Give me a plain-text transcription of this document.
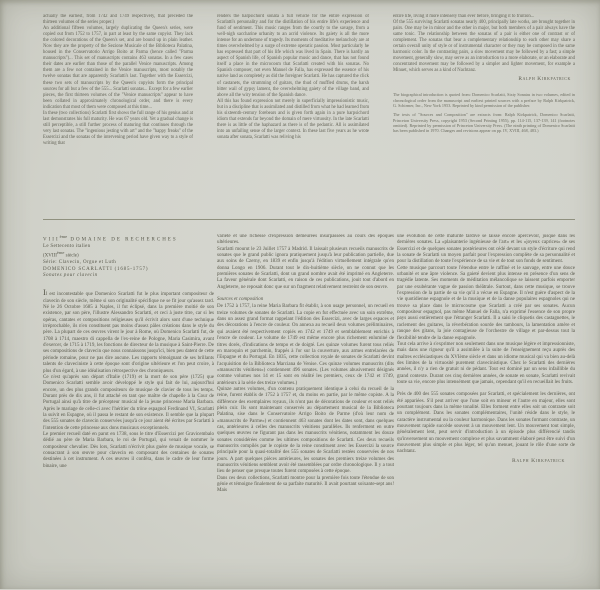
actually the earliest, from 1742 and 1749 respectively, that preceded the thirteen volumes of the series proper.)

An additional fifteen volumes, largely duplicating the Queen's series, were copied out from 1752 to 1757, in part at least by the same copyist. They lack the colored decorations of the Queen's set, and are bound up in plain leather. Now they are the property of the Sezione Musicale of the Biblioteca Palatina, housed in the Conservatorio Arrigo Boito at Parma (hence called "Parma manuscripts")... This set of manuscripts contains 463 sonatas. In a few cases their dates are earlier than those of the parallel Venice manuscripts. Among them are a few not contained in the Venice manuscripts, most notably the twelve sonatas that are apparently Scarlatti's last. Together with the Essercizi, these two sets of manuscripts by the Queen's copyists form the principal sources for all but a few of the 555... Scarlatti sonatas... Except for a few earlier pieces, the first thirteen volumes of the "Venice manuscripts" appear to have been collated in approximately chronological order, and there is every indication that most of them were composed at this time...

In these (two collections) Scarlatti first shows the full range of his genius and at last demonstrates his full maturity. He was 67 years old. Yet a gradual change is still perceptible, a still further process of maturing that continues through the very last sonatas. The "ingenious jesting with art" and the "happy freaks" of the Essercizi and the sonatas of the intervening period have given way to a style of writing that

renders the harpsichord sonata a full vehicle for the entire expression of Scarlatti's personality and for the distillation of his entire life's experience and fund of sentiment. This music ranges from the courtly to the savage, from a well-nigh saccharine urbanity to an acrid violence. Its gaiety is all the more intense for an undertone of tragedy. Its moments of meditative melancholy are at times overwhelmed by a surge of extreme operatic passion. Most particularly he has expressed that part of his life which was lived in Spain. There is hardly an aspect of Spanish life, of Spanish popular music and dance, that has not found itself a place in the microcosm that Scarlatti created with his sonatas. No Spanish composer, not even Manuel de Falla, has expressed the essence of his native land as completely as did the foreigner Scarlatti. He has captured the click of castanets, the strumming of guitars, the thud of muffled drums, the harsh bitter wail of gypsy lament, the overwhelming gaiety of the village band, and above all the wiry tension of the Spanish dance.

All this has found expression not merely in superficially impressionistic music, but in a discipline that is assimilated and distilled from what he had learned from his sixteenth-century forebears and is given forth again in a pure harpsichord idiom that extends far beyond the domain of mere virtuosity. In the late Scarlatti there is as little of the haphazard as there is of the pedantic. All is assimilated into an unfailing sense of the larger context. In these last five years as he wrote sonata after sonata, Scarlatti was reliving his

entire life, living it more intensely than ever before, bringing it to fruition...

Of the 555 surviving Scarlatti sonatas nearly 400, principally late works, are brought together in pairs. One may be in minor and the other in major, but both members of a pair always have the same tonic. The relationship between the sonatas of a pair is either one of contrast or of complement. The sonatas that bear a complementary relationship to each other may share a certain overall unity of style or of instrumental character or they may be composed in the same harmonic color. In the contrasting pairs, a slow movement may be followed by a fast; a simple movement, generally slow, may serve as an introduction to a more elaborate, or an elaborate and concentrated movement may be followed by a simpler and lighter movement, for example a Minuet, which serves as a kind of Nachtanz.

Ralph Kirkpatrick

The biographical introduction is quoted from: Domenico Scarlatti, Sixty Sonatas in two volumes, edited in chronological order from the manuscript and earliest printed sources with a preface by Ralph Kirkpatrick, G. Schirmer, Inc., New York 1953. Reprinted by kind permission of the publisher.

The texts of "Sources and Composition" are extracts from: Ralph Kirkpatrick, Domenico Scarlatti, Princeton University Press, copyright 1953 (Second Printing 1955), pp. 114-115, 137-139, 141 (footnotes omitted). Reprinted by permission of Princeton University Press. (The ninth printing of Domenico Scarlatti has been published in 1970. Changes and revisions appear on pp. IV, XVIII, 468, 483.)

VIIIème DOMAINE DE RECHERCHES

Le Settecento italien

(XVIIIème siècle)

Série: Clavecin, Orgue et Luth

DOMENICO SCARLATTI (1685-1757)

Sonates pour clavecin

Il est incontestable que Domenico Scarlatti fut le plus important compositeur de clavecin de son siècle, même si son originalité spécifique ne se fit jour qu'assez tard. Né le 26 Octobre 1685 à Naples, il fut éclipsé, dans la première moitié de son existence, par son père, l'illustre Alessandro Scarlatti, et ceci à juste titre, car si les opéras, cantates et compositions religieuses qu'il écrivit alors sont d'une technique irréprochable, ils n'en constituent pas moins d'assez pâles créations dans le style du père. La plupart de ces œuvres virent le jour à Rome, où Domenico Scarlatti fut, de 1708 à 1714, maestro di cappella de l'ex-reine de Pologne, Maria Casimira, avant d'exercer, de 1715 à 1719, les fonctions de directeur de la musique à Saint-Pierre. De ses compositions de clavecin que nous connaissons jusqu'ici, bien peu datent de cette période romaine, pour ne pas dire aucune. Les rapports témoignant de ses brillants talents de claveciniste à cette époque sont d'origine ultérieure et l'on peut croire, à plus d'un égard, à une idéalisation rétrospective des chroniqueurs.

Ce n'est qu'après son départ d'Italie (1719) et la mort de son père (1725) que Domenico Scarlatti semble avoir développé le style qui fait de lui, aujourd'hui encore, un des plus grands compositeurs de musique de clavier de tous les temps. Durant près de dix ans, il fut attaché en tant que maître de chapelle à la Cour de Portugal ainsi qu'à titre de précepteur musical de la jeune princesse Maria Barbara. Après le mariage de celle-ci avec l'héritier du trône espagnol Ferdinand VI, Scarlatti la suivit en Espagne, où il passa le restant de son existence. Il semble que la plupart des 555 sonates de clavecin conservées jusqu'à ce jour aient été écrites par Scarlatti à l'intention de cette princesse aux dons musicaux exceptionnels.

Le premier recueil daté en parut en 1738, sous le titre d'Essercizi per Gravicembalo dédié au père de Maria Barbara, le roi de Portugal, qui venait de nommer le compositeur chevalier. Dès lors, Scarlatti n'écrivit plus guère de musique vocale, se consacrant à son œuvre pour clavecin en composant des centaines de sonates destinées à cet instrument. A ces œuvres il conféra, dans le cadre de leur forme binaire, une

variété et une richesse d'expression demeurées insurpassées au cours des époques ultérieures.

Scarlatti mourut le 23 Juillet 1757 à Madrid. Il laissait plusieurs recueils manuscrits de sonates que le grand public ignora pratiquement jusqu'à leur publication partielle, due aux soins de Czerny, en 1839 et enfin jusqu'à l'édition virtuellement intégrale qu'en donna Longo en 1906. Durant tout le dix-huitième siècle, on ne connut que les premières sonates de Scarlatti, dont un grand nombre avait été imprimé en Angleterre. La faveur générale dont Scarlatti, en raison de ces publications, jouit tout d'abord en Angleterre, ne reposait donc que sur un fragment relativement restreint de son œuvre.

Sources et composition

De 1752 à 1757, la reine Maria Barbara fit établir, à son usage personnel, un recueil en treize volumes de sonates de Scarlatti. La copie en fut effectuée avec un soin extrême, dans un assez grand format rappelant l'édition des Essercizi, avec de larges espaces et des décorations à l'encre de couleur. On annexa au recueil deux volumes préliminaires, qui avaient été respectivement copiés en 1742 et 1749 et semblablement enrichis à l'encre de couleur. Le volume de 1749 est même encore plus richement enluminé de titres dorés, d'indications de tempo et de doigté. Les quinze volumes furent tous reliés en maroquin et parchemin, frappés à l'or sur la couverture, aux armes entrelacées de l'Espagne et du Portugal. En 1835, cette collection royale de sonates de Scarlatti devint l'acquisition de la Biblioteca Marciana de Venise. Ces quinze volumes manuscrits (dits «manuscrits vénitiens») contiennent 496 sonates. (Les volumes abusivement désignés comme volumes nos 14 et 15 sont en réalité les premiers, ceux de 1742 et 1749, antérieurs à la série des treize volumes.)

Quinze autres volumes, d'un contenu pratiquement identique à celui du recueil de la reine, furent établis de 1752 à 1757 et, du moins en partie, par le même copiste. A la différence des exemplaires royaux, ils n'ont pas de décorations de couleur et sont reliés plein cuir. Ils sont maintenant conservés au département musical de la Biblioteca Palatina, sise dans le Conservatoire Arrigo Boito de Parme (d'où leur nom de «manuscrits de Parme») et contiennent 463 sonates dont les dates sont, dans quelques cas, antérieures à celles des manuscrits vénitiens parallèles. Ils renferment en outre quelques œuvres ne figurant pas dans les manuscrits vénitiens, notamment les douze sonates considérées comme les ultimes compositions de Scarlatti. Ces deux recueils manuscrits compilés par le copiste de la reine constituent avec les Essercizi la source principale pour la quasi-totalité des 555 sonates de Scarlatti restées conservées de nos jours. A part quelques pièces antérieures, les sonates des premiers treize volumes des manuscrits vénitiens semblent avoir été rassemblées par ordre chronologique. Il y a tout lieu de penser que presque toutes furent composées à cette époque.

Dans ces deux collections, Scarlatti montre pour la première fois toute l'étendue de son génie et témoigne finalement de sa parfaite maturité. Il avait pourtant soixante-sept ans! Mais

une évolution de cette maturité tardive se laisse encore apercevoir, jusque dans les dernières sonates. La «plaisanterie ingénieuse de l'art» et les «joyeux caprices» de ses Essercizi et de quelques sonates postérieures ont cédé devant un style d'écriture qui rend la sonate de Scarlatti un moyen parfait pour l'expression complète de sa personnalité et pour la distillation de toute l'expérience de sa vie et de tout son fonds de sentiment.

Cette musique parcourt toute l'étendue entre le raffiné et le sauvage, entre une douce urbanité et une âpre violence. Sa gaieté devient plus intense en présence d'un sens de tragédie latente. Ses moments de méditation mélancolique se laissent parfois emporter par une exubérante vague de passion théâtrale. Surtout, dans cette musique, se trouve l'expression de la partie de sa vie qu'il a vécue en Espagne. Il n'est guère d'aspect de la vie quotidienne espagnole et de la musique et de la danse populaires espagnoles qui ne trouve sa place dans le microcosme que Scarlatti a créé par ses sonates. Aucun compositeur espagnol, pas même Manuel de Falla, n'a exprimé l'essence de son propre pays aussi entièrement que l'étranger Scarlatti. Il a saisi le cliquetis des castagnettes, le raclement des guitares, la réverbération sourde des tambours, la lamentation amère et rauque des gitans, la joie contagieuse de l'orchestre de village et par-dessus tout la flexibilité tendre de la danse espagnole.

Tout cela arrive à s'exprimer non seulement dans une musique légère et impressionniste, mais dans une rigueur qu'il a assimilée à la suite de l'enseignement reçu auprès des maîtres ecclésiastiques du XVIème siècle et dans un idiome musical qui va bien au-delà des limites de la virtuosité purement clavecinistique. Chez le Scarlatti des dernières années, il n'y a rien de gratuit ni de pédant. Tout est dominé par un sens infaillible du grand contexte. Durant ces cinq dernières années, de sonate en sonate, Scarlatti revivait toute sa vie, encore plus intensément que jamais, cependant qu'il en recueillait les fruits.

Près de 400 des 555 sonates composées par Scarlatti, et spécialement les dernières, ont été appariées. S'il peut arriver que l'une soit en mineur et l'autre en majeur, elles sont pourtant toujours dans la même tonalité. Elles forment entre elles soit un contraste soit un complément. Dans les sonates complémentaires, l'unité réside dans le style, le caractère instrumental ou la couleur harmonique. Dans les sonates formant contraste, un mouvement rapide succède souvent à un mouvement lent. Un mouvement tout simple, généralement lent, peut servir d'introduction à un épisode plus différencié tandis qu'inversement un mouvement complexe et plus savamment élaboré peut être suivi d'un mouvement plus simple et plus léger, tel qu'un menuet, jouant le rôle d'une sorte de nachtanz.

Ralph Kirkpatrick
